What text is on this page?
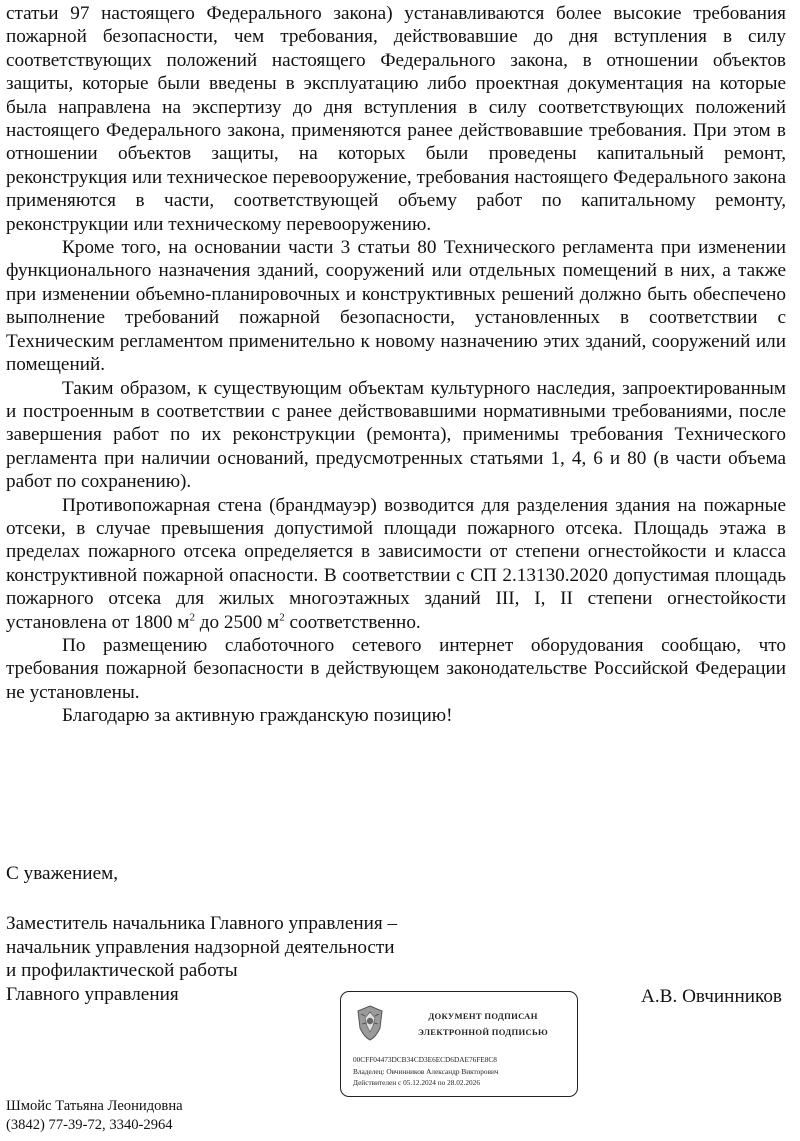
статьи 97 настоящего Федерального закона) устанавливаются более высокие требования пожарной безопасности, чем требования, действовавшие до дня вступления в силу соответствующих положений настоящего Федерального закона, в отношении объектов защиты, которые были введены в эксплуатацию либо проектная документация на которые была направлена на экспертизу до дня вступления в силу соответствующих положений настоящего Федерального закона, применяются ранее действовавшие требования. При этом в отношении объектов защиты, на которых были проведены капитальный ремонт, реконструкция или техническое перевооружение, требования настоящего Федерального закона применяются в части, соответствующей объему работ по капитальному ремонту, реконструкции или техническому перевооружению.

Кроме того, на основании части 3 статьи 80 Технического регламента при изменении функционального назначения зданий, сооружений или отдельных помещений в них, а также при изменении объемно-планировочных и конструктивных решений должно быть обеспечено выполнение требований пожарной безопасности, установленных в соответствии с Техническим регламентом применительно к новому назначению этих зданий, сооружений или помещений.

Таким образом, к существующим объектам культурного наследия, запроектированным и построенным в соответствии с ранее действовавшими нормативными требованиями, после завершения работ по их реконструкции (ремонта), применимы требования Технического регламента при наличии оснований, предусмотренных статьями 1, 4, 6 и 80 (в части объема работ по сохранению).

Противопожарная стена (брандмауэр) возводится для разделения здания на пожарные отсеки, в случае превышения допустимой площади пожарного отсека. Площадь этажа в пределах пожарного отсека определяется в зависимости от степени огнестойкости и класса конструктивной пожарной опасности. В соответствии с СП 2.13130.2020 допустимая площадь пожарного отсека для жилых многоэтажных зданий III, I, II степени огнестойкости установлена от 1800 $м^2$ до 2500 $м^2$ соответственно.

По размещению слаботочного сетевого интернет оборудования сообщаю, что требования пожарной безопасности в действующем законодательстве Российской Федерации не установлены.

Благодарю за активную гражданскую позицию!

С уважением,
Заместитель начальника Главного управления –
начальник управления надзорной деятельности
и профилактической работы
Главного управления	А.В. Овчинников
ДОКУМЕНТ ПОДПИСАН
ЭЛЕКТРОННОЙ ПОДПИСЬЮ
00CFF04473DCB34CD3E6ECD6DAE76FE8C8
Владелец: Овчинников Александр Викторович
Действителен с 05.12.2024 по 28.02.2026
Шмойс Татьяна Леонидовна
(3842) 77-39-72, 3340-2964
